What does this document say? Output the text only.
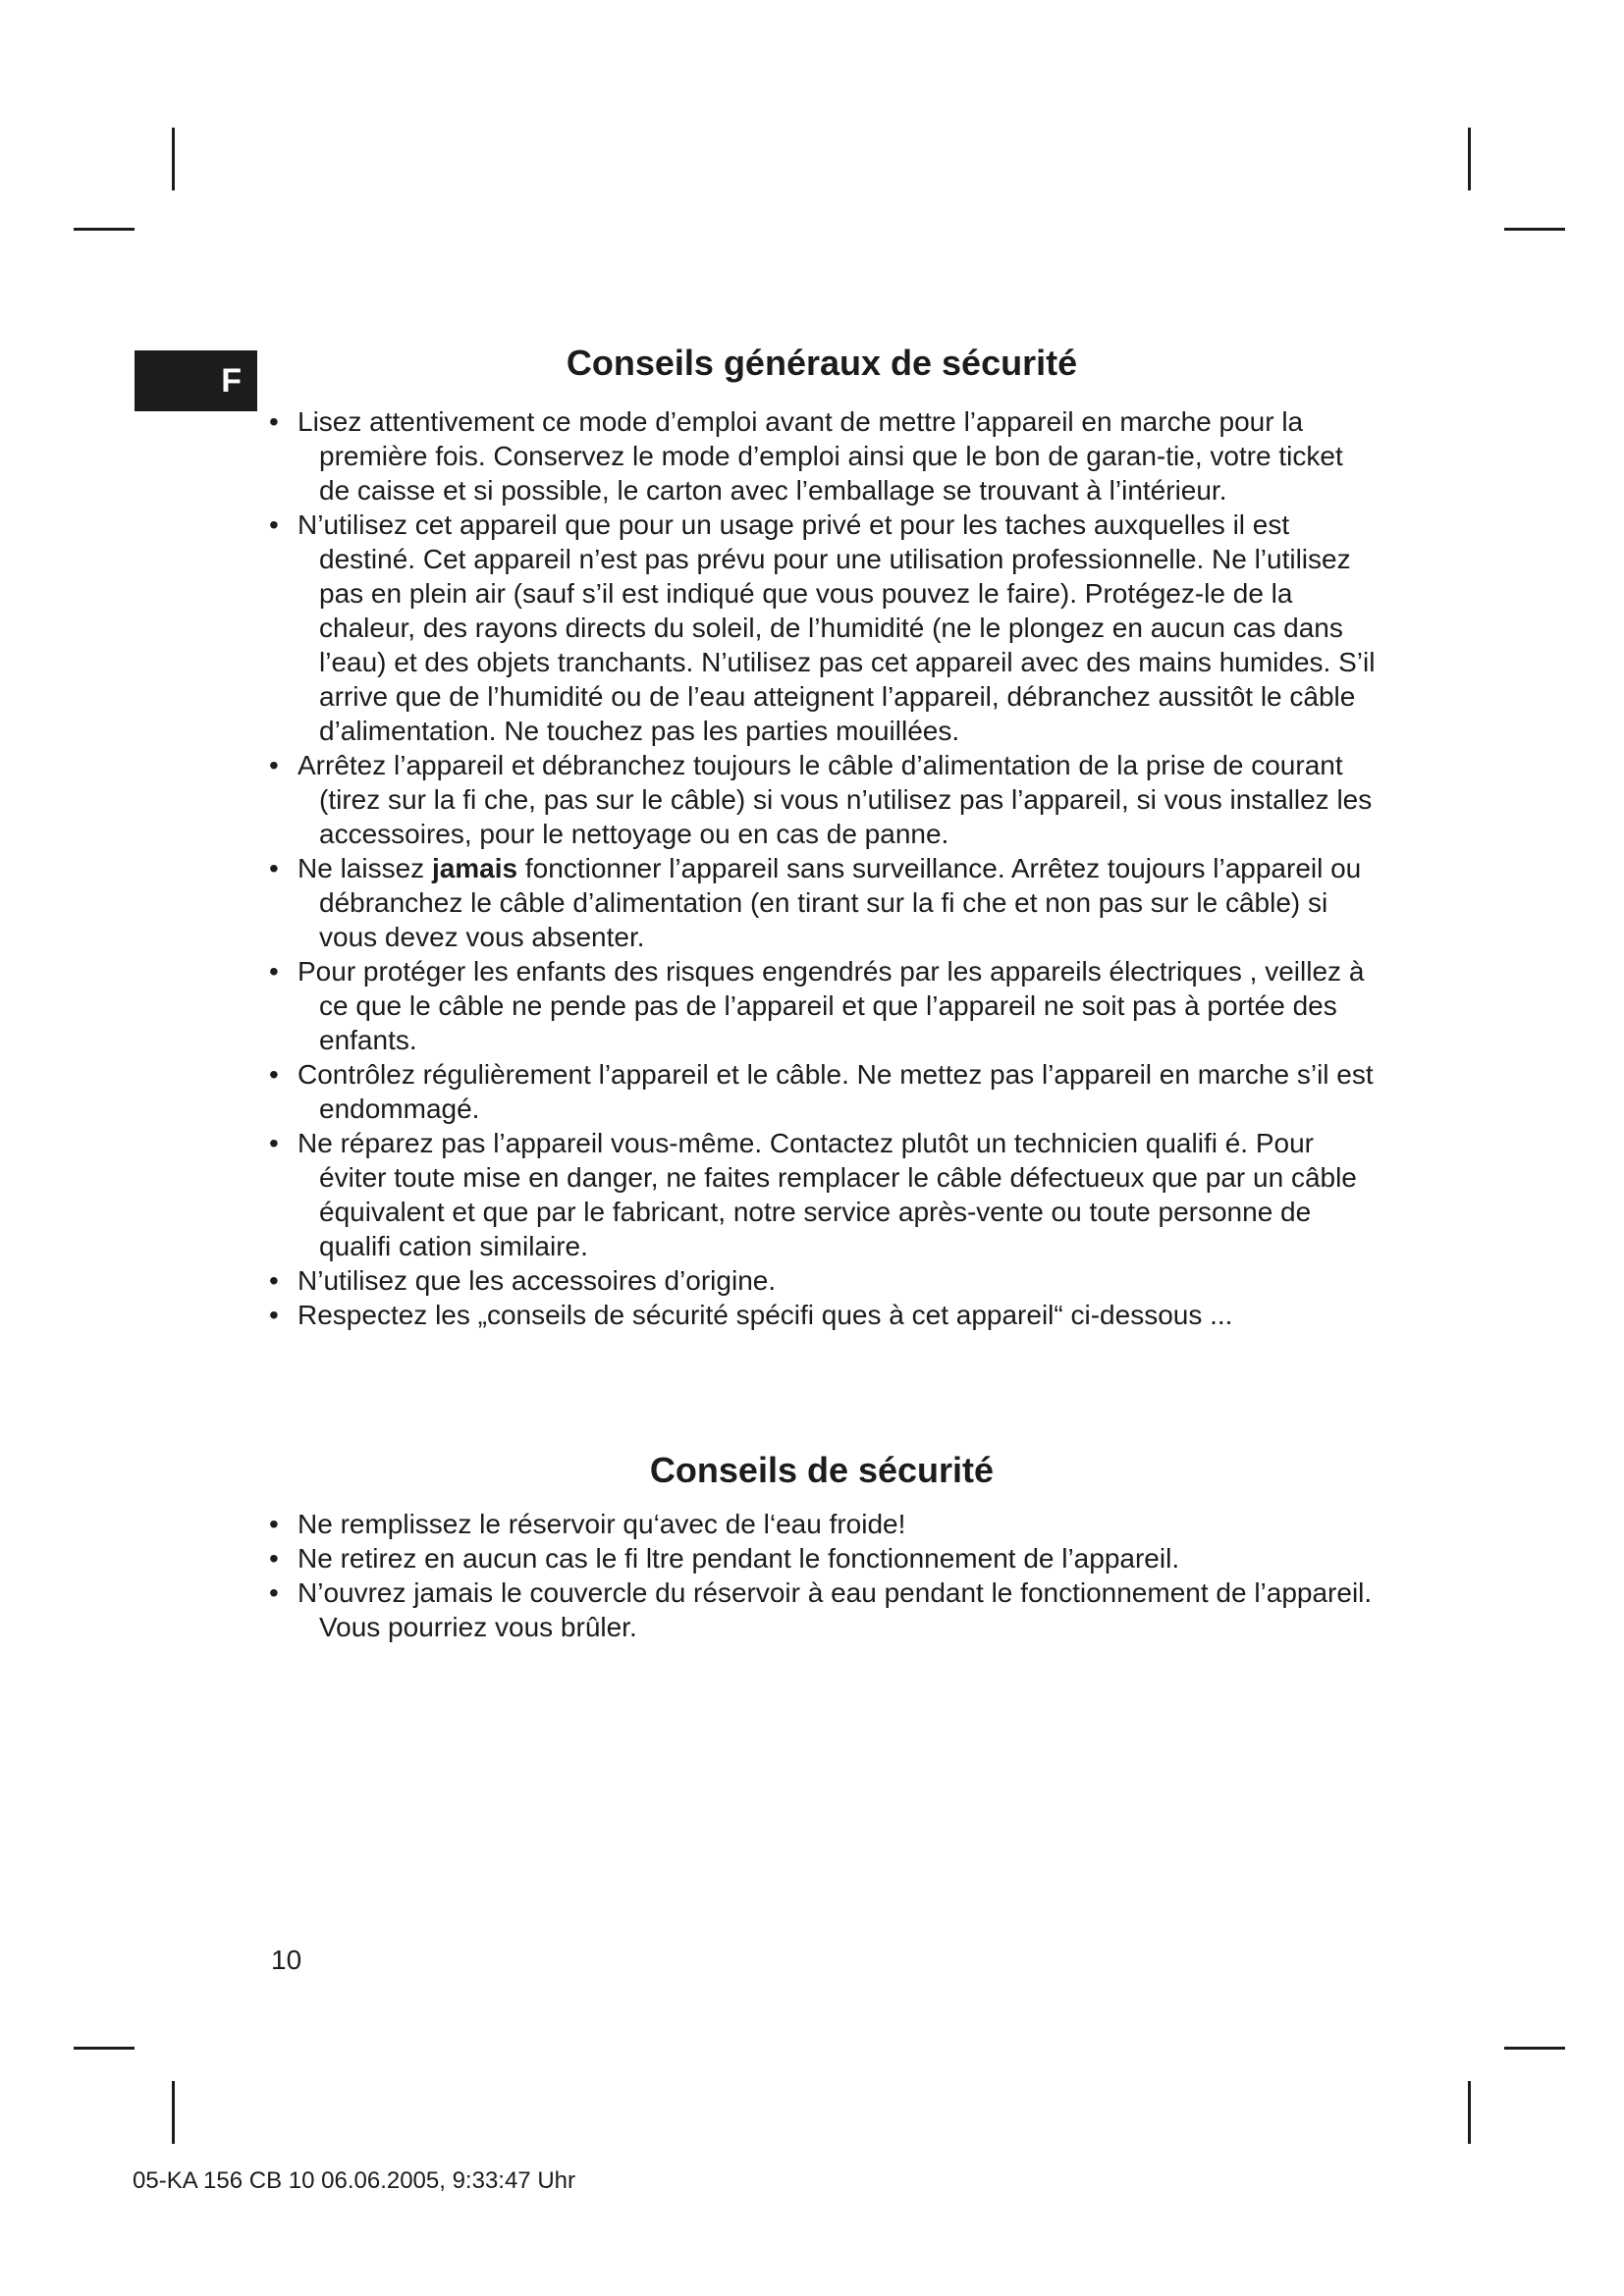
F	Conseils généraux de sécurité
• Lisez attentivement ce mode d’emploi avant de mettre l’appareil en marche pour la première fois. Conservez le mode d’emploi ainsi que le bon de garan-tie, votre ticket de caisse et si possible, le carton avec l’emballage se trouvant à l’intérieur.
• N’utilisez cet appareil que pour un usage privé et pour les taches auxquelles il est destiné. Cet appareil n’est pas prévu pour une utilisation professionnelle. Ne l’utilisez pas en plein air (sauf s’il est indiqué que vous pouvez le faire). Protégez-le de la chaleur, des rayons directs du soleil, de l’humidité (ne le plongez en aucun cas dans l’eau) et des objets tranchants. N’utilisez pas cet appareil avec des mains humides. S’il arrive que de l’humidité ou de l’eau atteignent l’appareil, débranchez aussitôt le câble d’alimentation. Ne touchez pas les parties mouillées.
• Arrêtez l’appareil et débranchez toujours le câble d’alimentation de la prise de courant (tirez sur la fi che, pas sur le câble) si vous n’utilisez pas l’appareil, si vous installez les accessoires, pour le nettoyage ou en cas de panne.
• Ne laissez jamais fonctionner l’appareil sans surveillance. Arrêtez toujours l’appareil ou débranchez le câble d’alimentation (en tirant sur la fi che et non pas sur le câble) si vous devez vous absenter.
• Pour protéger les enfants des risques engendrés par les appareils électriques , veillez à ce que le câble ne pende pas de l’appareil et que l’appareil ne soit pas à portée des enfants.
• Contrôlez régulièrement l’appareil et le câble. Ne mettez pas l’appareil en marche s’il est endommagé.
• Ne réparez pas l’appareil vous-même. Contactez plutôt un technicien qualifi é. Pour éviter toute mise en danger, ne faites remplacer le câble défectueux que par un câble équivalent et que par le fabricant, notre service après-vente ou toute personne de qualifi cation similaire.
• N’utilisez que les accessoires d’origine.
• Respectez les „conseils de sécurité spécifi ques à cet appareil“ ci-dessous ...
Conseils de sécurité
• Ne remplissez le réservoir qu‘avec de l‘eau froide!
• Ne retirez en aucun cas le fi ltre pendant le fonctionnement de l’appareil.
• N’ouvrez jamais le couvercle du réservoir à eau pendant le fonctionnement de l’appareil. Vous pourriez vous brûler.
10
05-KA 156 CB 10 06.06.2005, 9:33:47 Uhr
